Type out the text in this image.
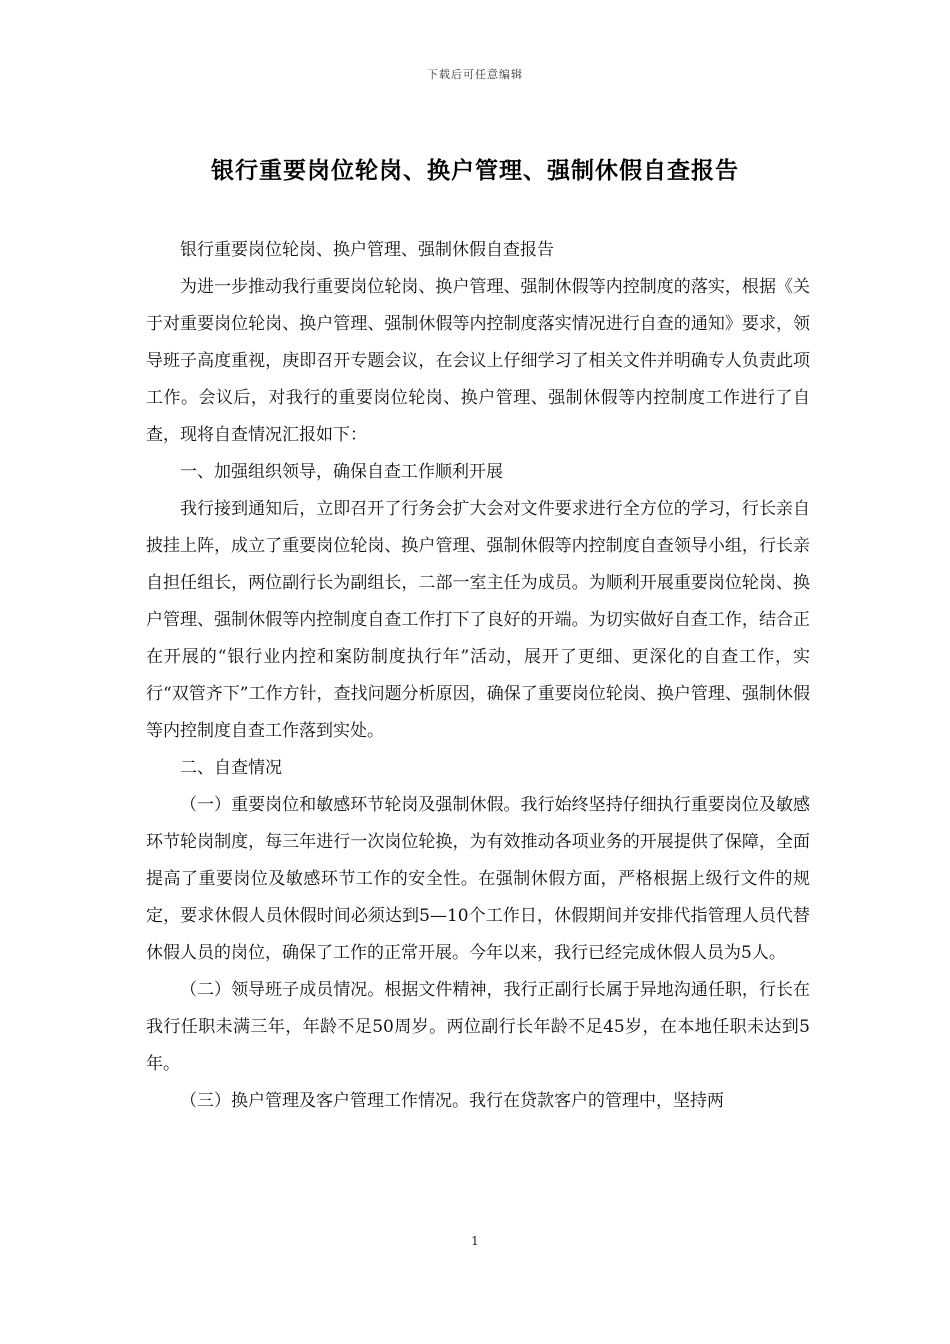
下载后可任意编辑
银行重要岗位轮岗、换户管理、强制休假自查报告

银行重要岗位轮岗、换户管理、强制休假自查报告

为进一步推动我行重要岗位轮岗、换户管理、强制休假等内控制度的落实，根据《关于对重要岗位轮岗、换户管理、强制休假等内控制度落实情况进行自查的通知》要求，领导班子高度重视，庚即召开专题会议，在会议上仔细学习了相关文件并明确专人负责此项工作。会议后，对我行的重要岗位轮岗、换户管理、强制休假等内控制度工作进行了自查，现将自查情况汇报如下：

一、加强组织领导，确保自查工作顺利开展

我行接到通知后，立即召开了行务会扩大会对文件要求进行全方位的学习，行长亲自披挂上阵，成立了重要岗位轮岗、换户管理、强制休假等内控制度自查领导小组，行长亲自担任组长，两位副行长为副组长，二部一室主任为成员。为顺利开展重要岗位轮岗、换户管理、强制休假等内控制度自查工作打下了良好的开端。为切实做好自查工作，结合正在开展的“银行业内控和案防制度执行年”活动，展开了更细、更深化的自查工作，实行“双管齐下”工作方针，查找问题分析原因，确保了重要岗位轮岗、换户管理、强制休假等内控制度自查工作落到实处。

二、自查情况

（一）重要岗位和敏感环节轮岗及强制休假。我行始终坚持仔细执行重要岗位及敏感环节轮岗制度，每三年进行一次岗位轮换，为有效推动各项业务的开展提供了保障，全面提高了重要岗位及敏感环节工作的安全性。在强制休假方面，严格根据上级行文件的规定，要求休假人员休假时间必须达到5—10个工作日，休假期间并安排代指管理人员代替休假人员的岗位，确保了工作的正常开展。今年以来，我行已经完成休假人员为5人。

（二）领导班子成员情况。根据文件精神，我行正副行长属于异地沟通任职，行长在我行任职未满三年，年龄不足50周岁。两位副行长年龄不足45岁，在本地任职未达到5年。

（三）换户管理及客户管理工作情况。我行在贷款客户的管理中，坚持两

1
